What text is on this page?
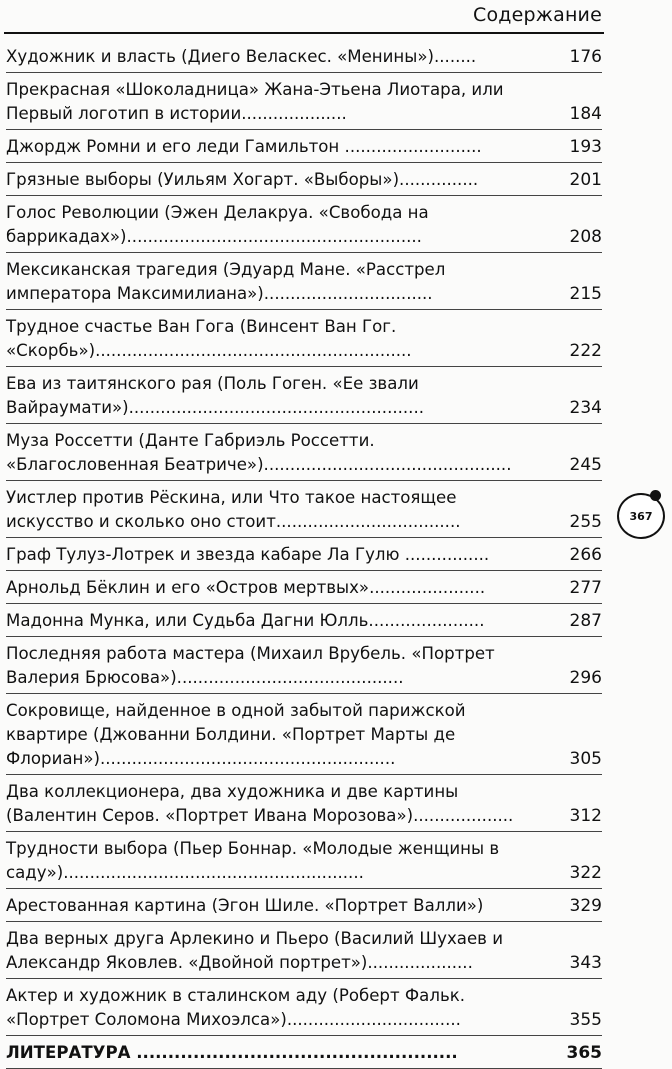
Содержание
Художник и власть (Диего Веласкес. «Менины»)........	176
Прекрасная «Шоколадница» Жана-Этьена Лиотара, или Первый логотип в истории....................	184
Джордж Ромни и его леди Гамильтон ..........................	193
Грязные выборы (Уильям Хогарт. «Выборы»)...............	201
Голос Революции (Эжен Делакруа. «Свобода на баррикадах»)........................................................	208
Мексиканская трагедия (Эдуард Мане. «Расстрел императора Максимилиана»)................................	215
Трудное счастье Ван Гога (Винсент Ван Гог. «Скорбь»)............................................................	222
Ева из таитянского рая (Поль Гоген. «Ее звали Вайраумати»)........................................................	234
Муза Россетти (Данте Габриэль Россетти. «Благословенная Беатриче»)...............................................	245
Уистлер против Рёскина, или Что такое настоящее искусство и сколько оно стоит...................................	255
Граф Тулуз-Лотрек и звезда кабаре Ла Гулю ................	266
Арнольд Бёклин и его «Остров мертвых»......................	277
Мадонна Мунка, или Судьба Дагни Юлль......................	287
Последняя работа мастера (Михаил Врубель. «Портрет Валерия Брюсова»)...........................................	296
Сокровище, найденное в одной забытой парижской квартире (Джованни Болдини. «Портрет Марты де Флориан»)........................................................	305
Два коллекционера, два художника и две картины (Валентин Серов. «Портрет Ивана Морозова»)...................	312
Трудности выбора (Пьер Боннар. «Молодые женщины в саду»).........................................................	322
Арестованная картина (Эгон Шиле. «Портрет Валли»)	329
Два верных друга Арлекино и Пьеро (Василий Шухаев и Александр Яковлев. «Двойной портрет»)....................	343
Актер и художник в сталинском аду (Роберт Фальк. «Портрет Соломона Михоэлса»).................................	355
ЛИТЕРАТУРА ...................................................	365
367
